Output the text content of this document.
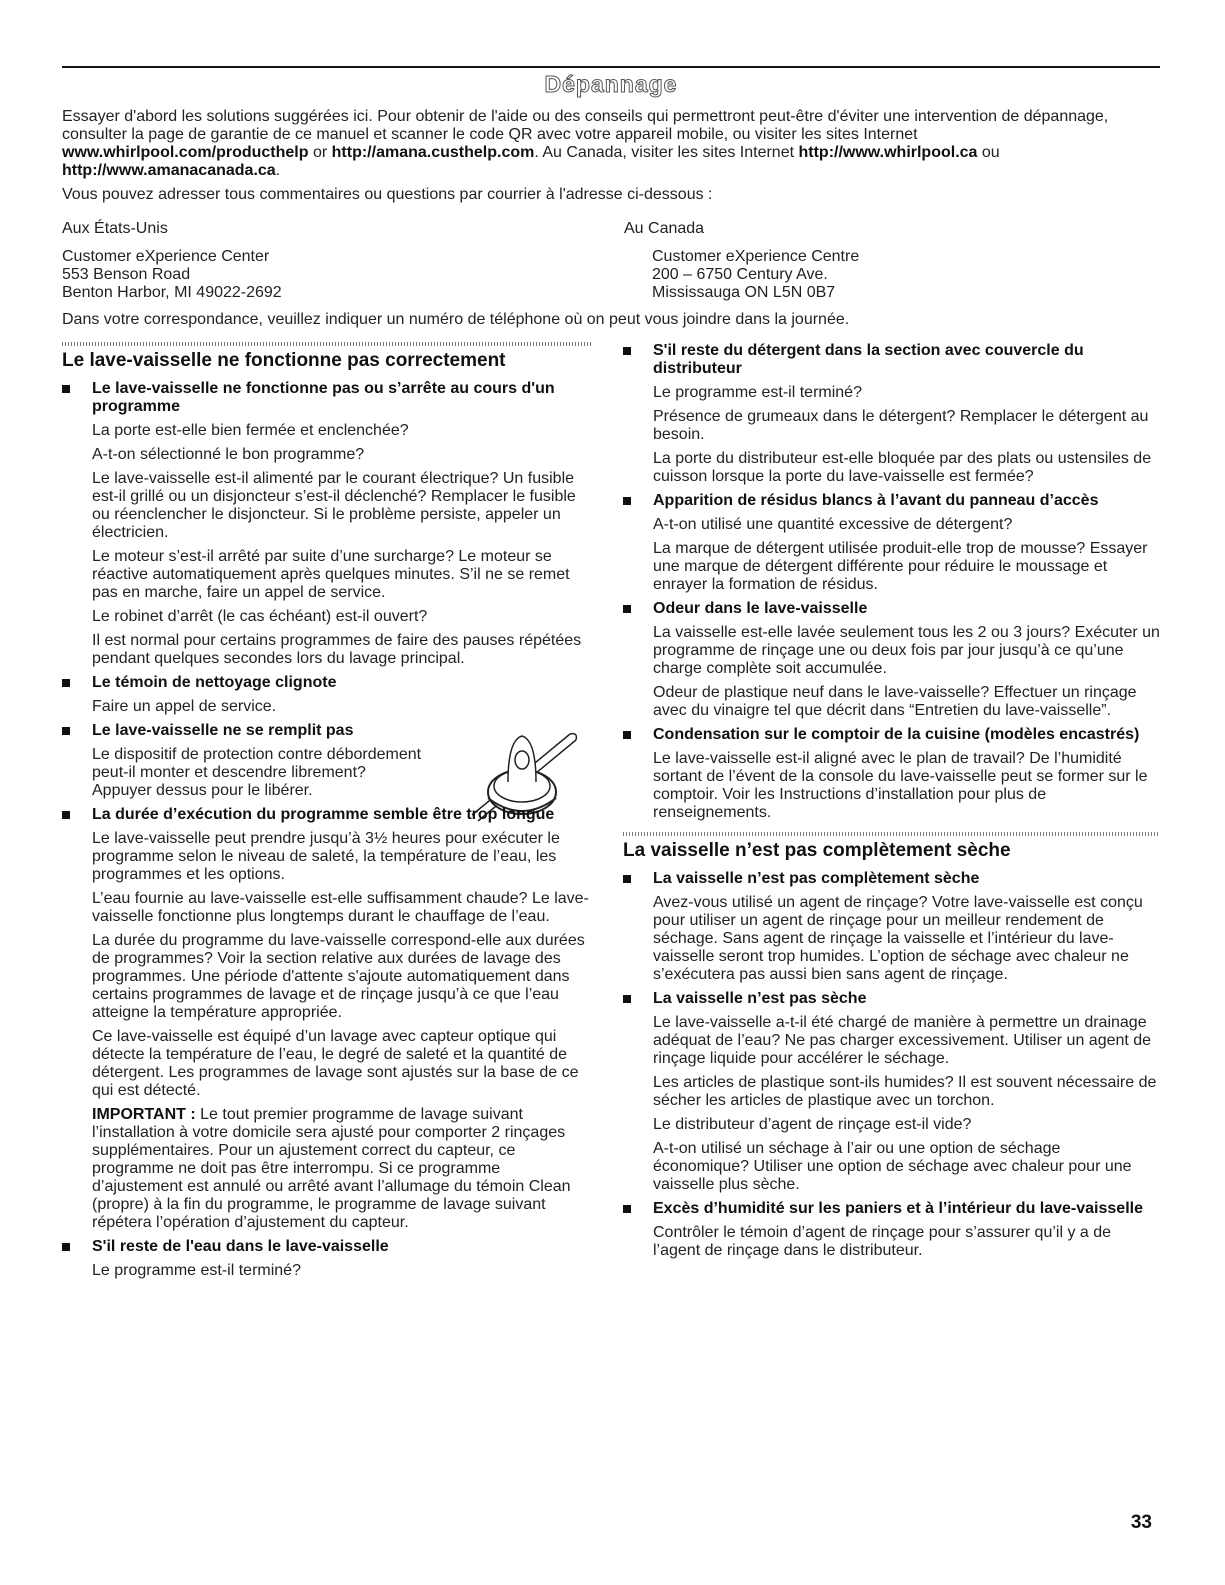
Dépannage

Essayer d'abord les solutions suggérées ici. Pour obtenir de l'aide ou des conseils qui permettront peut-être d'éviter une intervention de dépannage, consulter la page de garantie de ce manuel et scanner le code QR avec votre appareil mobile, ou visiter les sites Internet www.whirlpool.com/producthelp or http://amana.custhelp.com. Au Canada, visiter les sites Internet http://www.whirlpool.ca ou http://www.amanacanada.ca.

Vous pouvez adresser tous commentaires ou questions par courrier à l'adresse ci-dessous :

Aux États-Unis
Customer eXperience Center
553 Benson Road
Benton Harbor, MI 49022-2692
Au Canada
Customer eXperience Centre
200 – 6750 Century Ave.
Mississauga ON L5N 0B7
Dans votre correspondance, veuillez indiquer un numéro de téléphone où on peut vous joindre dans la journée.
Le lave-vaisselle ne fonctionne pas correctement
Le lave-vaisselle ne fonctionne pas ou s’arrête au cours d'un programme

La porte est-elle bien fermée et enclenchée?

A-t-on sélectionné le bon programme?

Le lave-vaisselle est-il alimenté par le courant électrique? Un fusible est-il grillé ou un disjoncteur s’est-il déclenché? Remplacer le fusible ou réenclencher le disjoncteur. Si le problème persiste, appeler un électricien.

Le moteur s’est-il arrêté par suite d’une surcharge? Le moteur se réactive automatiquement après quelques minutes. S’il ne se remet pas en marche, faire un appel de service.

Le robinet d’arrêt (le cas échéant) est-il ouvert?

Il est normal pour certains programmes de faire des pauses répétées pendant quelques secondes lors du lavage principal.

Le témoin de nettoyage clignote

Faire un appel de service.

Le lave-vaisselle ne se remplit pas

Le dispositif de protection contre débordement peut-il monter et descendre librement? Appuyer dessus pour le libérer.

La durée d’exécution du programme semble être trop longue

Le lave-vaisselle peut prendre jusqu’à 3½ heures pour exécuter le programme selon le niveau de saleté, la température de l’eau, les programmes et les options.

L’eau fournie au lave-vaisselle est-elle suffisamment chaude? Le lave-vaisselle fonctionne plus longtemps durant le chauffage de l’eau.

La durée du programme du lave-vaisselle correspond-elle aux durées de programmes? Voir la section relative aux durées de lavage des programmes. Une période d'attente s'ajoute automatiquement dans certains programmes de lavage et de rinçage jusqu’à ce que l’eau atteigne la température appropriée.

Ce lave-vaisselle est équipé d’un lavage avec capteur optique qui détecte la température de l’eau, le degré de saleté et la quantité de détergent. Les programmes de lavage sont ajustés sur la base de ce qui est détecté.

IMPORTANT : Le tout premier programme de lavage suivant l’installation à votre domicile sera ajusté pour comporter 2 rinçages supplémentaires. Pour un ajustement correct du capteur, ce programme ne doit pas être interrompu. Si ce programme d’ajustement est annulé ou arrêté avant l’allumage du témoin Clean (propre) à la fin du programme, le programme de lavage suivant répétera l’opération d’ajustement du capteur.

S'il reste de l'eau dans le lave-vaisselle

Le programme est-il terminé?

S'il reste du détergent dans la section avec couvercle du distributeur

Le programme est-il terminé?

Présence de grumeaux dans le détergent? Remplacer le détergent au besoin.

La porte du distributeur est-elle bloquée par des plats ou ustensiles de cuisson lorsque la porte du lave-vaisselle est fermée?

Apparition de résidus blancs à l’avant du panneau d’accès

A-t-on utilisé une quantité excessive de détergent?

La marque de détergent utilisée produit-elle trop de mousse? Essayer une marque de détergent différente pour réduire le moussage et enrayer la formation de résidus.

Odeur dans le lave-vaisselle

La vaisselle est-elle lavée seulement tous les 2 ou 3 jours? Exécuter un programme de rinçage une ou deux fois par jour jusqu’à ce qu’une charge complète soit accumulée.

Odeur de plastique neuf dans le lave-vaisselle? Effectuer un rinçage avec du vinaigre tel que décrit dans “Entretien du lave-vaisselle”.

Condensation sur le comptoir de la cuisine (modèles encastrés)

Le lave-vaisselle est-il aligné avec le plan de travail? De l’humidité sortant de l’évent de la console du lave-vaisselle peut se former sur le comptoir. Voir les Instructions d’installation pour plus de renseignements.

La vaisselle n’est pas complètement sèche
La vaisselle n’est pas complètement sèche

Avez-vous utilisé un agent de rinçage? Votre lave-vaisselle est conçu pour utiliser un agent de rinçage pour un meilleur rendement de séchage. Sans agent de rinçage la vaisselle et l’intérieur du lave-vaisselle seront trop humides. L’option de séchage avec chaleur ne s’exécutera pas aussi bien sans agent de rinçage.

La vaisselle n’est pas sèche

Le lave-vaisselle a-t-il été chargé de manière à permettre un drainage adéquat de l’eau? Ne pas charger excessivement. Utiliser un agent de rinçage liquide pour accélérer le séchage.

Les articles de plastique sont-ils humides? Il est souvent nécessaire de sécher les articles de plastique avec un torchon.

Le distributeur d’agent de rinçage est-il vide?

A-t-on utilisé un séchage à l’air ou une option de séchage économique? Utiliser une option de séchage avec chaleur pour une vaisselle plus sèche.

Excès d’humidité sur les paniers et à l’intérieur du lave-vaisselle

Contrôler le témoin d’agent de rinçage pour s’assurer qu’il y a de l’agent de rinçage dans le distributeur.

33
